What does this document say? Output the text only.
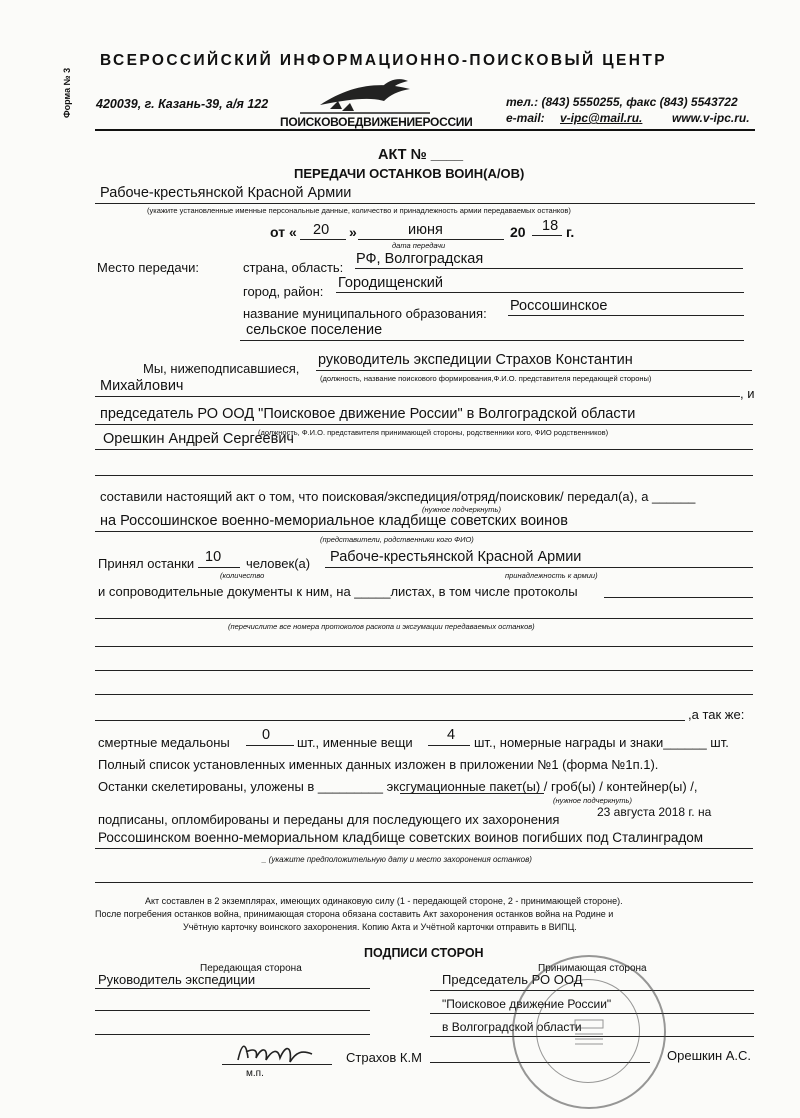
ВСЕРОССИЙСКИЙ ИНФОРМАЦИОННО-ПОИСКОВЫЙ ЦЕНТР
Форма № 3 420039, г. Казань-39, а/я 122
ПОИСКОВОЕДВИЖЕНИЕРОССИИ
тел.: (843) 5550255, факс (843) 5543722
e-mail: v-ipc@mail.ru. www.v-ipc.ru.
АКТ № ____
ПЕРЕДАЧИ ОСТАНКОВ ВОИН(А/ОВ)
Рабоче-крестьянской Красной Армии
(укажите установленные именные персональные данные, количество и принадлежность армии передаваемых останков)
от « 20 »	июня	20 18 г.
дата передачи
Место передачи:	страна, область:
РФ, Волгоградская
город, район:
Городищенский
название муниципального образования: Россошинское
сельское поселение
Мы, нижеподписавшиеся,
руководитель экспедиции Страхов Константин
(должность, название поискового формирования,Ф.И.О. представителя передающей стороны)
Михайлович	, и
председатель РО ООД "Поисковое движение России" в Волгоградской области
(должность, Ф.И.О. представителя принимающей стороны, родственники кого, ФИО родственников)
Орешкин Андрей Сергеевич
составили настоящий акт о том, что поисковая/экспедиция/отряд/поисковик/ передал(а), а ______
(нужное подчеркнуть)
на Россошинское военно-мемориальное кладбище советских воинов
(представители, родственники кого ФИО)
Принял останки 10 человек(а) Рабоче-крестьянской Красной Армии
(количество	принадлежность к армии)
и сопроводительные документы к ним, на _____листах, в том числе протоколы
(перечислите все номера протоколов раскопа и эксгумации передаваемых останков)
,а так же:
смертные медальоны 0 шт., именные вещи 4 шт., номерные награды и знаки______ шт.
Полный список установленных именных данных изложен в приложении №1 (форма №1п.1).
Останки скелетированы, уложены в _________ эксгумационные пакет(ы) / гроб(ы) / контейнер(ы) /,
(нужное подчеркнуть)
23 августа 2018 г. на
подписаны, опломбированы и переданы для последующего их захоронения
Россошинском военно-мемориальном кладбище советских воинов погибших под Сталинградом
_ (укажите предположительную дату и место захоронения останков)
Акт составлен в 2 экземплярах, имеющих одинаковую силу (1 - передающей стороне, 2 - принимающей стороне).
После погребения останков война, принимающая сторона обязана составить Акт захоронения останков война на Родине и
Учётную карточку воинского захоронения. Копию Акта и Учётной карточки отправить в ВИПЦ.
ПОДПИСИ СТОРОН
Передающая сторона
Руководитель экспедиции
Страхов К.М
м.п.
Принимающая сторона
Председатель РО ООД
"Поисковое движение России"
в Волгоградской области
Орешкин А.С.
